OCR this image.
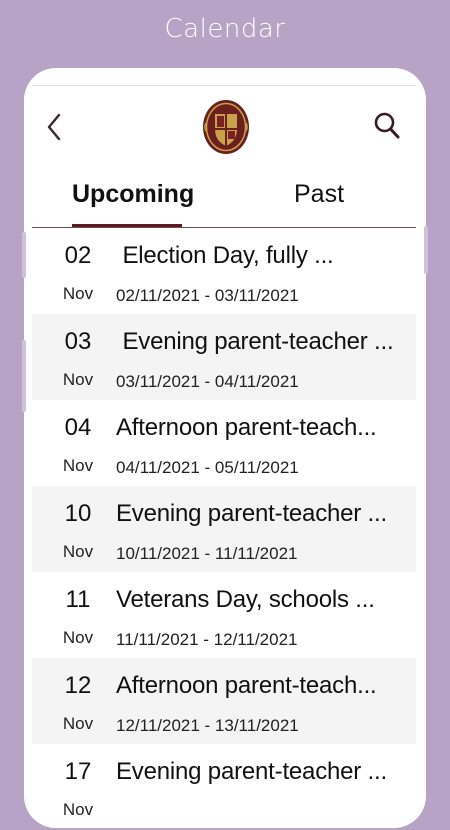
Calendar
Upcoming	Past
02
Nov
Election Day, fully ...
02/11/2021 - 03/11/2021
03
Nov
Evening parent-teacher ...
03/11/2021 - 04/11/2021
04
Nov
Afternoon parent-teach...
04/11/2021 - 05/11/2021
10
Nov
Evening parent-teacher ...
10/11/2021 - 11/11/2021
11
Nov
Veterans Day, schools ...
11/11/2021 - 12/11/2021
12
Nov
Afternoon parent-teach...
12/11/2021 - 13/11/2021
17
Nov
Evening parent-teacher ...
